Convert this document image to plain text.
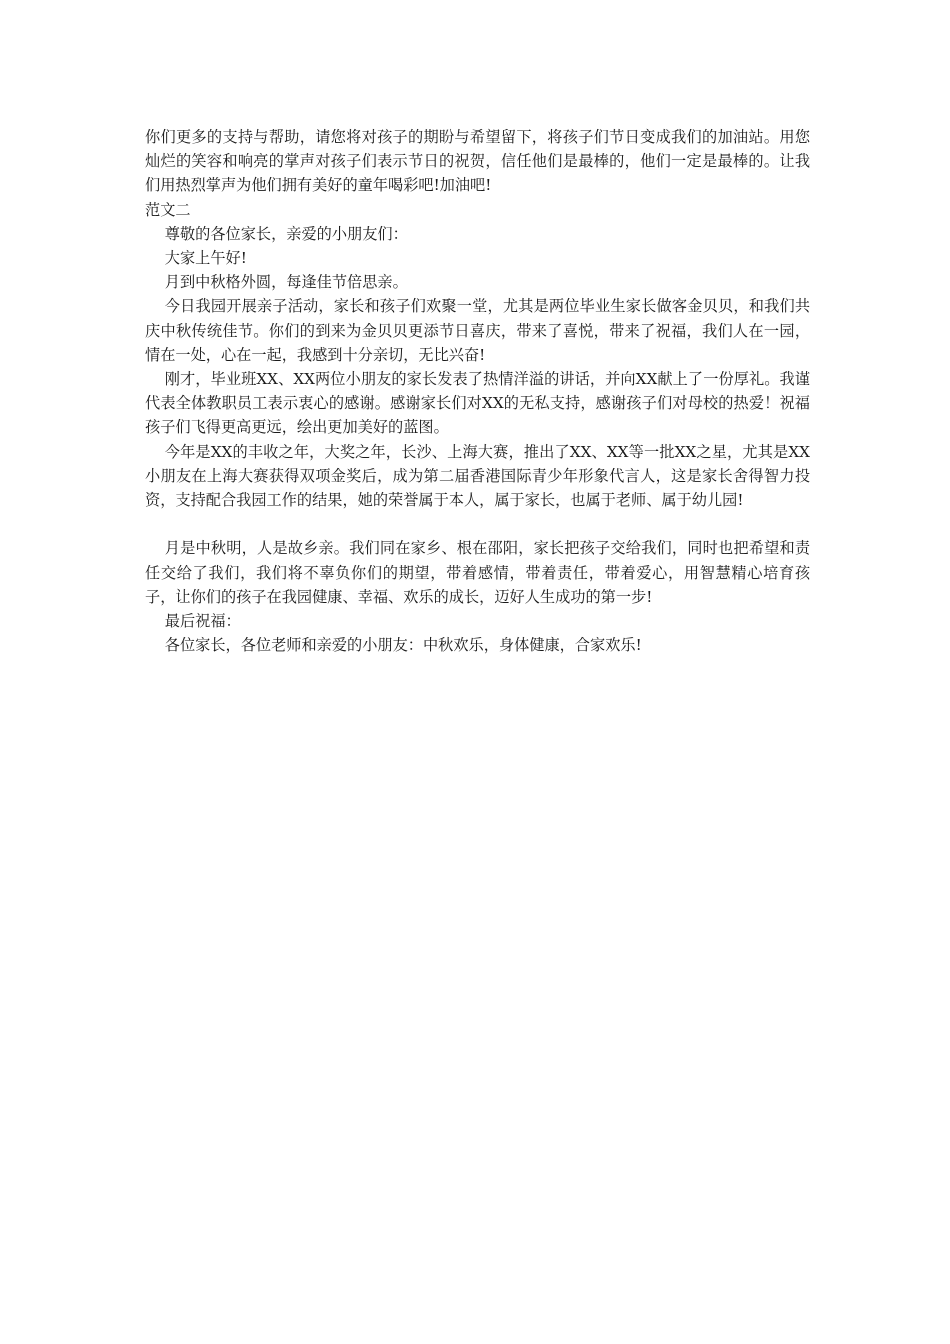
你们更多的支持与帮助，请您将对孩子的期盼与希望留下，将孩子们节日变成我们的加油站。用您灿烂的笑容和响亮的掌声对孩子们表示节日的祝贺，信任他们是最棒的，他们一定是最棒的。让我们用热烈掌声为他们拥有美好的童年喝彩吧!加油吧!

范文二

尊敬的各位家长，亲爱的小朋友们：

大家上午好!

月到中秋格外圆，每逢佳节倍思亲。

今日我园开展亲子活动，家长和孩子们欢聚一堂，尤其是两位毕业生家长做客金贝贝，和我们共庆中秋传统佳节。你们的到来为金贝贝更添节日喜庆，带来了喜悦，带来了祝福，我们人在一园，情在一处，心在一起，我感到十分亲切，无比兴奋!

刚才，毕业班XX、XX两位小朋友的家长发表了热情洋溢的讲话，并向XX献上了一份厚礼。我谨代表全体教职员工表示衷心的感谢。感谢家长们对XX的无私支持，感谢孩子们对母校的热爱！祝福孩子们飞得更高更远，绘出更加美好的蓝图。

今年是XX的丰收之年，大奖之年，长沙、上海大赛，推出了XX、XX等一批XX之星，尤其是XX小朋友在上海大赛获得双项金奖后，成为第二届香港国际青少年形象代言人，这是家长舍得智力投资，支持配合我园工作的结果，她的荣誉属于本人，属于家长，也属于老师、属于幼儿园!

月是中秋明，人是故乡亲。我们同在家乡、根在邵阳，家长把孩子交给我们，同时也把希望和责任交给了我们，我们将不辜负你们的期望，带着感情，带着责任，带着爱心，用智慧精心培育孩子，让你们的孩子在我园健康、幸福、欢乐的成长，迈好人生成功的第一步!

最后祝福：

各位家长，各位老师和亲爱的小朋友：中秋欢乐，身体健康，合家欢乐!
